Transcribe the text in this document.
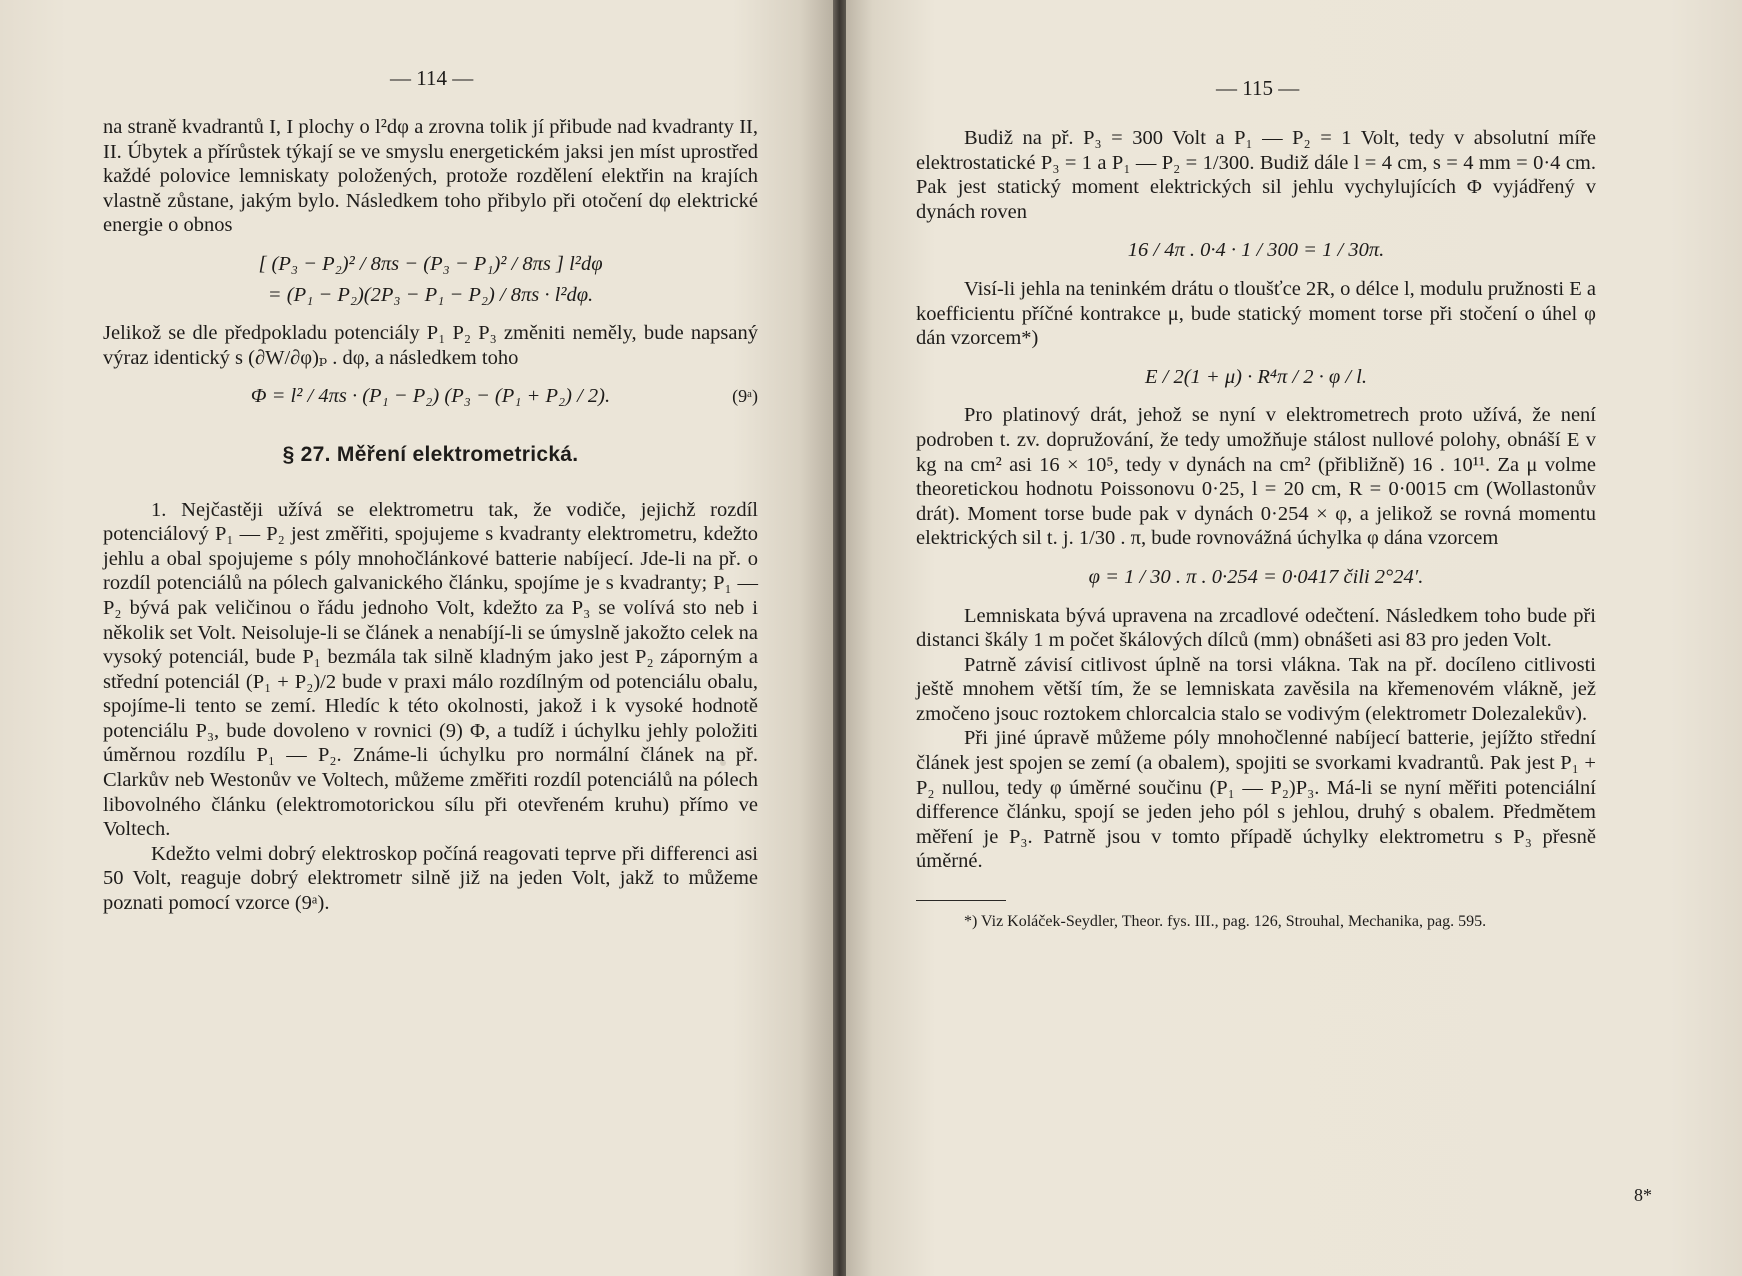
— 114 —

na straně kvadrantů I, I plochy o l²dφ a zrovna tolik jí přibude nad kvadranty II, II. Úbytek a přírůstek týkají se ve smyslu energetickém jaksi jen míst uprostřed každé polovice lemniskaty položených, protože rozdělení elektřin na krajích vlastně zůstane, jakým bylo. Následkem toho přibylo při otočení dφ elektrické energie o obnos

[ (P₃ − P₂)² / 8πs − (P₃ − P₁)² / 8πs ] l²dφ
= (P₁ − P₂)(2P₃ − P₁ − P₂) / 8πs · l²dφ.

Jelikož se dle předpokladu potenciály P₁ P₂ P₃ změniti neměly, bude napsaný výraz identický s (∂W/∂φ)ₚ . dφ, a následkem toho

Φ = l² / 4πs · (P₁ − P₂) (P₃ − (P₁ + P₂) / 2).	(9ᵃ)
§ 27. Měření elektrometrická.

1. Nejčastěji užívá se elektrometru tak, že vodiče, jejichž rozdíl potenciálový P₁ — P₂ jest změřiti, spojujeme s kvadranty elektrometru, kdežto jehlu a obal spojujeme s póly mnohočlánkové batterie nabíjecí. Jde-li na př. o rozdíl potenciálů na pólech galvanického článku, spojíme je s kvadranty; P₁ — P₂ bývá pak veličinou o řádu jednoho Volt, kdežto za P₃ se volívá sto neb i několik set Volt. Neisoluje-li se článek a nenabíjí-li se úmyslně jakožto celek na vysoký potenciál, bude P₁ bezmála tak silně kladným jako jest P₂ záporným a střední potenciál (P₁ + P₂)/2 bude v praxi málo rozdílným od potenciálu obalu, spojíme-li tento se zemí. Hledíc k této okolnosti, jakož i k vysoké hodnotě potenciálu P₃, bude dovoleno v rovnici (9) Φ, a tudíž i úchylku jehly položiti úměrnou rozdílu P₁ — P₂. Známe-li úchylku pro normální článek na př. Clarkův neb Westonův ve Voltech, můžeme změřiti rozdíl potenciálů na pólech libovolného článku (elektromotorickou sílu při otevřeném kruhu) přímo ve Voltech.

Kdežto velmi dobrý elektroskop počíná reagovati teprve při differenci asi 50 Volt, reaguje dobrý elektrometr silně již na jeden Volt, jakž to můžeme poznati pomocí vzorce (9ᵃ).

— 115 —

Budiž na př. P₃ = 300 Volt a P₁ — P₂ = 1 Volt, tedy v absolutní míře elektrostatické P₃ = 1 a P₁ — P₂ = 1/300. Budiž dále l = 4 cm, s = 4 mm = 0·4 cm. Pak jest statický moment elektrických sil jehlu vychylujících Φ vyjádřený v dynách roven

16 / 4π . 0·4 · 1 / 300 = 1 / 30π.

Visí-li jehla na teninkém drátu o tloušťce 2R, o délce l, modulu pružnosti E a koefficientu příčné kontrakce μ, bude statický moment torse při stočení o úhel φ dán vzorcem*)

E / 2(1 + μ) · R⁴π / 2 · φ / l.

Pro platinový drát, jehož se nyní v elektrometrech proto užívá, že není podroben t. zv. dopružování, že tedy umožňuje stálost nullové polohy, obnáší E v kg na cm² asi 16 × 10⁵, tedy v dynách na cm² (přibližně) 16 . 10¹¹. Za μ volme theoretickou hodnotu Poissonovu 0·25, l = 20 cm, R = 0·0015 cm (Wollastonův drát). Moment torse bude pak v dynách 0·254 × φ, a jelikož se rovná momentu elektrických sil t. j. 1/30 . π, bude rovnovážná úchylka φ dána vzorcem

φ = 1 / 30 . π . 0·254 = 0·0417 čili 2°24′.

Lemniskata bývá upravena na zrcadlové odečtení. Následkem toho bude při distanci škály 1 m počet škálových dílců (mm) obnášeti asi 83 pro jeden Volt.

Patrně závisí citlivost úplně na torsi vlákna. Tak na př. docíleno citlivosti ještě mnohem větší tím, že se lemniskata zavěsila na křemenovém vlákně, jež zmočeno jsouc roztokem chlorcalcia stalo se vodivým (elektrometr Dolezalekův).

Při jiné úpravě můžeme póly mnohočlenné nabíjecí batterie, jejížto střední článek jest spojen se zemí (a obalem), spojiti se svorkami kvadrantů. Pak jest P₁ + P₂ nullou, tedy φ úměrné součinu (P₁ — P₂)P₃. Má-li se nyní měřiti potenciální difference článku, spojí se jeden jeho pól s jehlou, druhý s obalem. Předmětem měření je P₃. Patrně jsou v tomto případě úchylky elektrometru s P₃ přesně úměrné.

*) Viz Koláček-Seydler, Theor. fys. III., pag. 126, Strouhal, Mechanika, pag. 595.

8*
